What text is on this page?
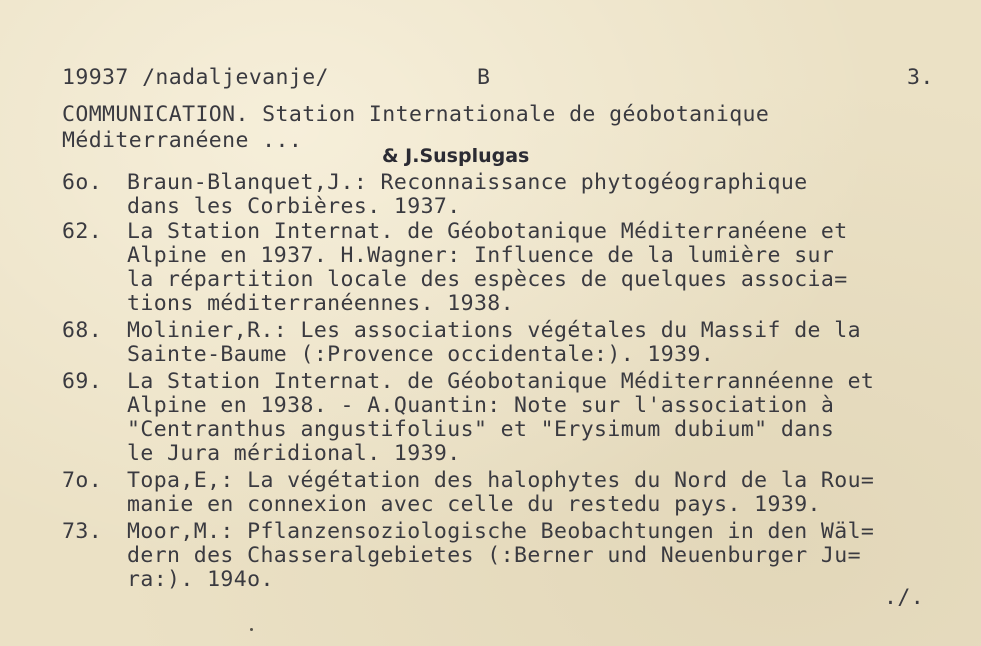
19937 /nadaljevanje/	B	3.
COMMUNICATION. Station Internationale de géobotanique
Méditerranéene ...
& J.Susplugas
6o. Braun-Blanquet,J.: Reconnaissance phytogéographique
dans les Corbières. 1937.
62. La Station Internat. de Géobotanique Méditerranéene et
Alpine en 1937. H.Wagner: Influence de la lumière sur
la répartition locale des espèces de quelques associa=
tions méditerranéennes. 1938.
68. Molinier,R.: Les associations végétales du Massif de la
Sainte-Baume (:Provence occidentale:). 1939.
69. La Station Internat. de Géobotanique Méditerrannéenne et
Alpine en 1938. - A.Quantin: Note sur l'association à
"Centranthus angustifolius" et "Erysimum dubium" dans
le Jura méridional. 1939.
7o. Topa,E,: La végétation des halophytes du Nord de la Rou=
manie en connexion avec celle du restedu pays. 1939.
73. Moor,M.: Pflanzensoziologische Beobachtungen in den Wäl=
dern des Chasseralgebietes (:Berner und Neuenburger Ju=
ra:). 194o.
./.
